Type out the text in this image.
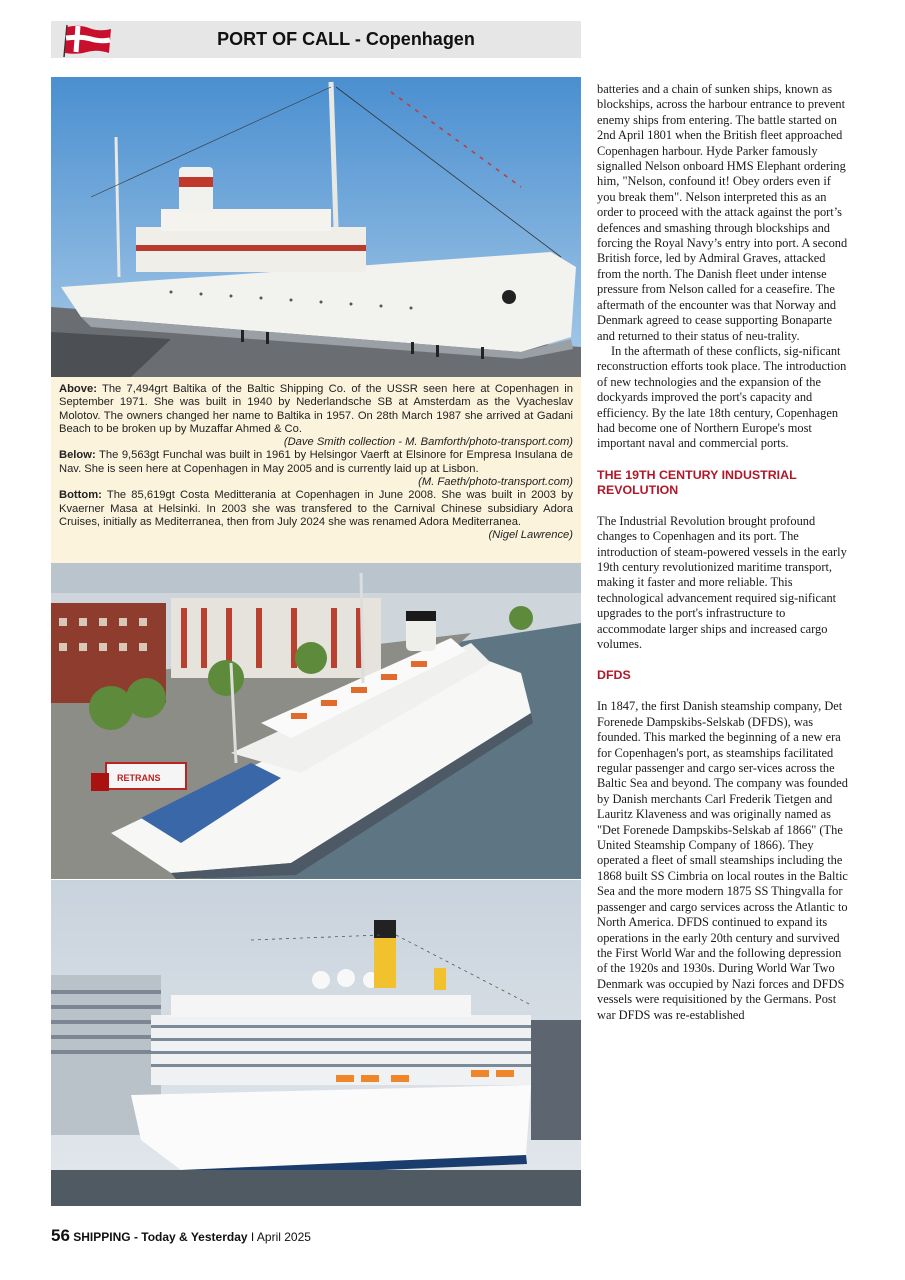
PORT OF CALL - Copenhagen

Above: The 7,494grt Baltika of the Baltic Shipping Co. of the USSR seen here at Copenhagen in September 1971. She was built in 1940 by Nederlandsche SB at Amsterdam as the Vyacheslav Molotov. The owners changed her name to Baltika in 1957. On 28th March 1987 she arrived at Gadani Beach to be broken up by Muzaffar Ahmed & Co.
(Dave Smith collection - M. Bamforth/photo-transport.com)

Below: The 9,563gt Funchal was built in 1961 by Helsingor Vaerft at Elsinore for Empresa Insulana de Nav. She is seen here at Copenhagen in May 2005 and is currently laid up at Lisbon.

(M. Faeth/photo-transport.com)

Bottom: The 85,619gt Costa Medittеrania at Copenhagen in June 2008. She was built in 2003 by Kvaerner Masa at Helsinki. In 2003 she was transfered to the Carnival Chinese subsidiary Adora Cruises, initially as Mediterranea, then from July 2024 she was renamed Adora Mediterranea.

(Nigel Lawrence)
RETRANS

batteries and a chain of sunken ships, known as blockships, across the harbour entrance to prevent enemy ships from entering. The battle started on 2nd April 1801 when the British fleet approached Copenhagen harbour. Hyde Parker famously signalled Nelson onboard HMS Elephant ordering him, "Nelson, confound it! Obey orders even if you break them". Nelson interpreted this as an order to proceed with the attack against the port’s defences and smashing through blockships and forcing the Royal Navy’s entry into port. A second British force, led by Admiral Graves, attacked from the north. The Danish fleet under intense pressure from Nelson called for a ceasefire. The aftermath of the encounter was that Norway and Denmark agreed to cease supporting Bonaparte and returned to their status of neu-trality.

In the aftermath of these conflicts, sig-nificant reconstruction efforts took place. The introduction of new technologies and the expansion of the dockyards improved the port's capacity and efficiency. By the late 18th century, Copenhagen had become one of Northern Europe's most important naval and commercial ports.

THE 19TH CENTURY INDUSTRIAL REVOLUTION

The Industrial Revolution brought profound changes to Copenhagen and its port. The introduction of steam-powered vessels in the early 19th century revolutionized maritime transport, making it faster and more reliable. This technological advancement required sig-nificant upgrades to the port's infrastructure to accommodate larger ships and increased cargo volumes.

DFDS

In 1847, the first Danish steamship company, Det Forenede Dampskibs-Selskab (DFDS), was founded. This marked the beginning of a new era for Copenhagen's port, as steamships facilitated regular passenger and cargo ser-vices across the Baltic Sea and beyond. The company was founded by Danish merchants Carl Frederik Tietgen and Lauritz Klaveness and was originally named as "Det Forenede Dampskibs-Selskab af 1866" (The United Steamship Company of 1866). They operated a fleet of small steamships including the 1868 built SS Cimbria on local routes in the Baltic Sea and the more modern 1875 SS Thingvalla for passenger and cargo services across the Atlantic to North America. DFDS continued to expand its operations in the early 20th century and survived the First World War and the following depression of the 1920s and 1930s. During World War Two Denmark was occupied by Nazi forces and DFDS vessels were requisitioned by the Germans. Post war DFDS was re-established

56 SHIPPING - Today & Yesterday I April 2025
